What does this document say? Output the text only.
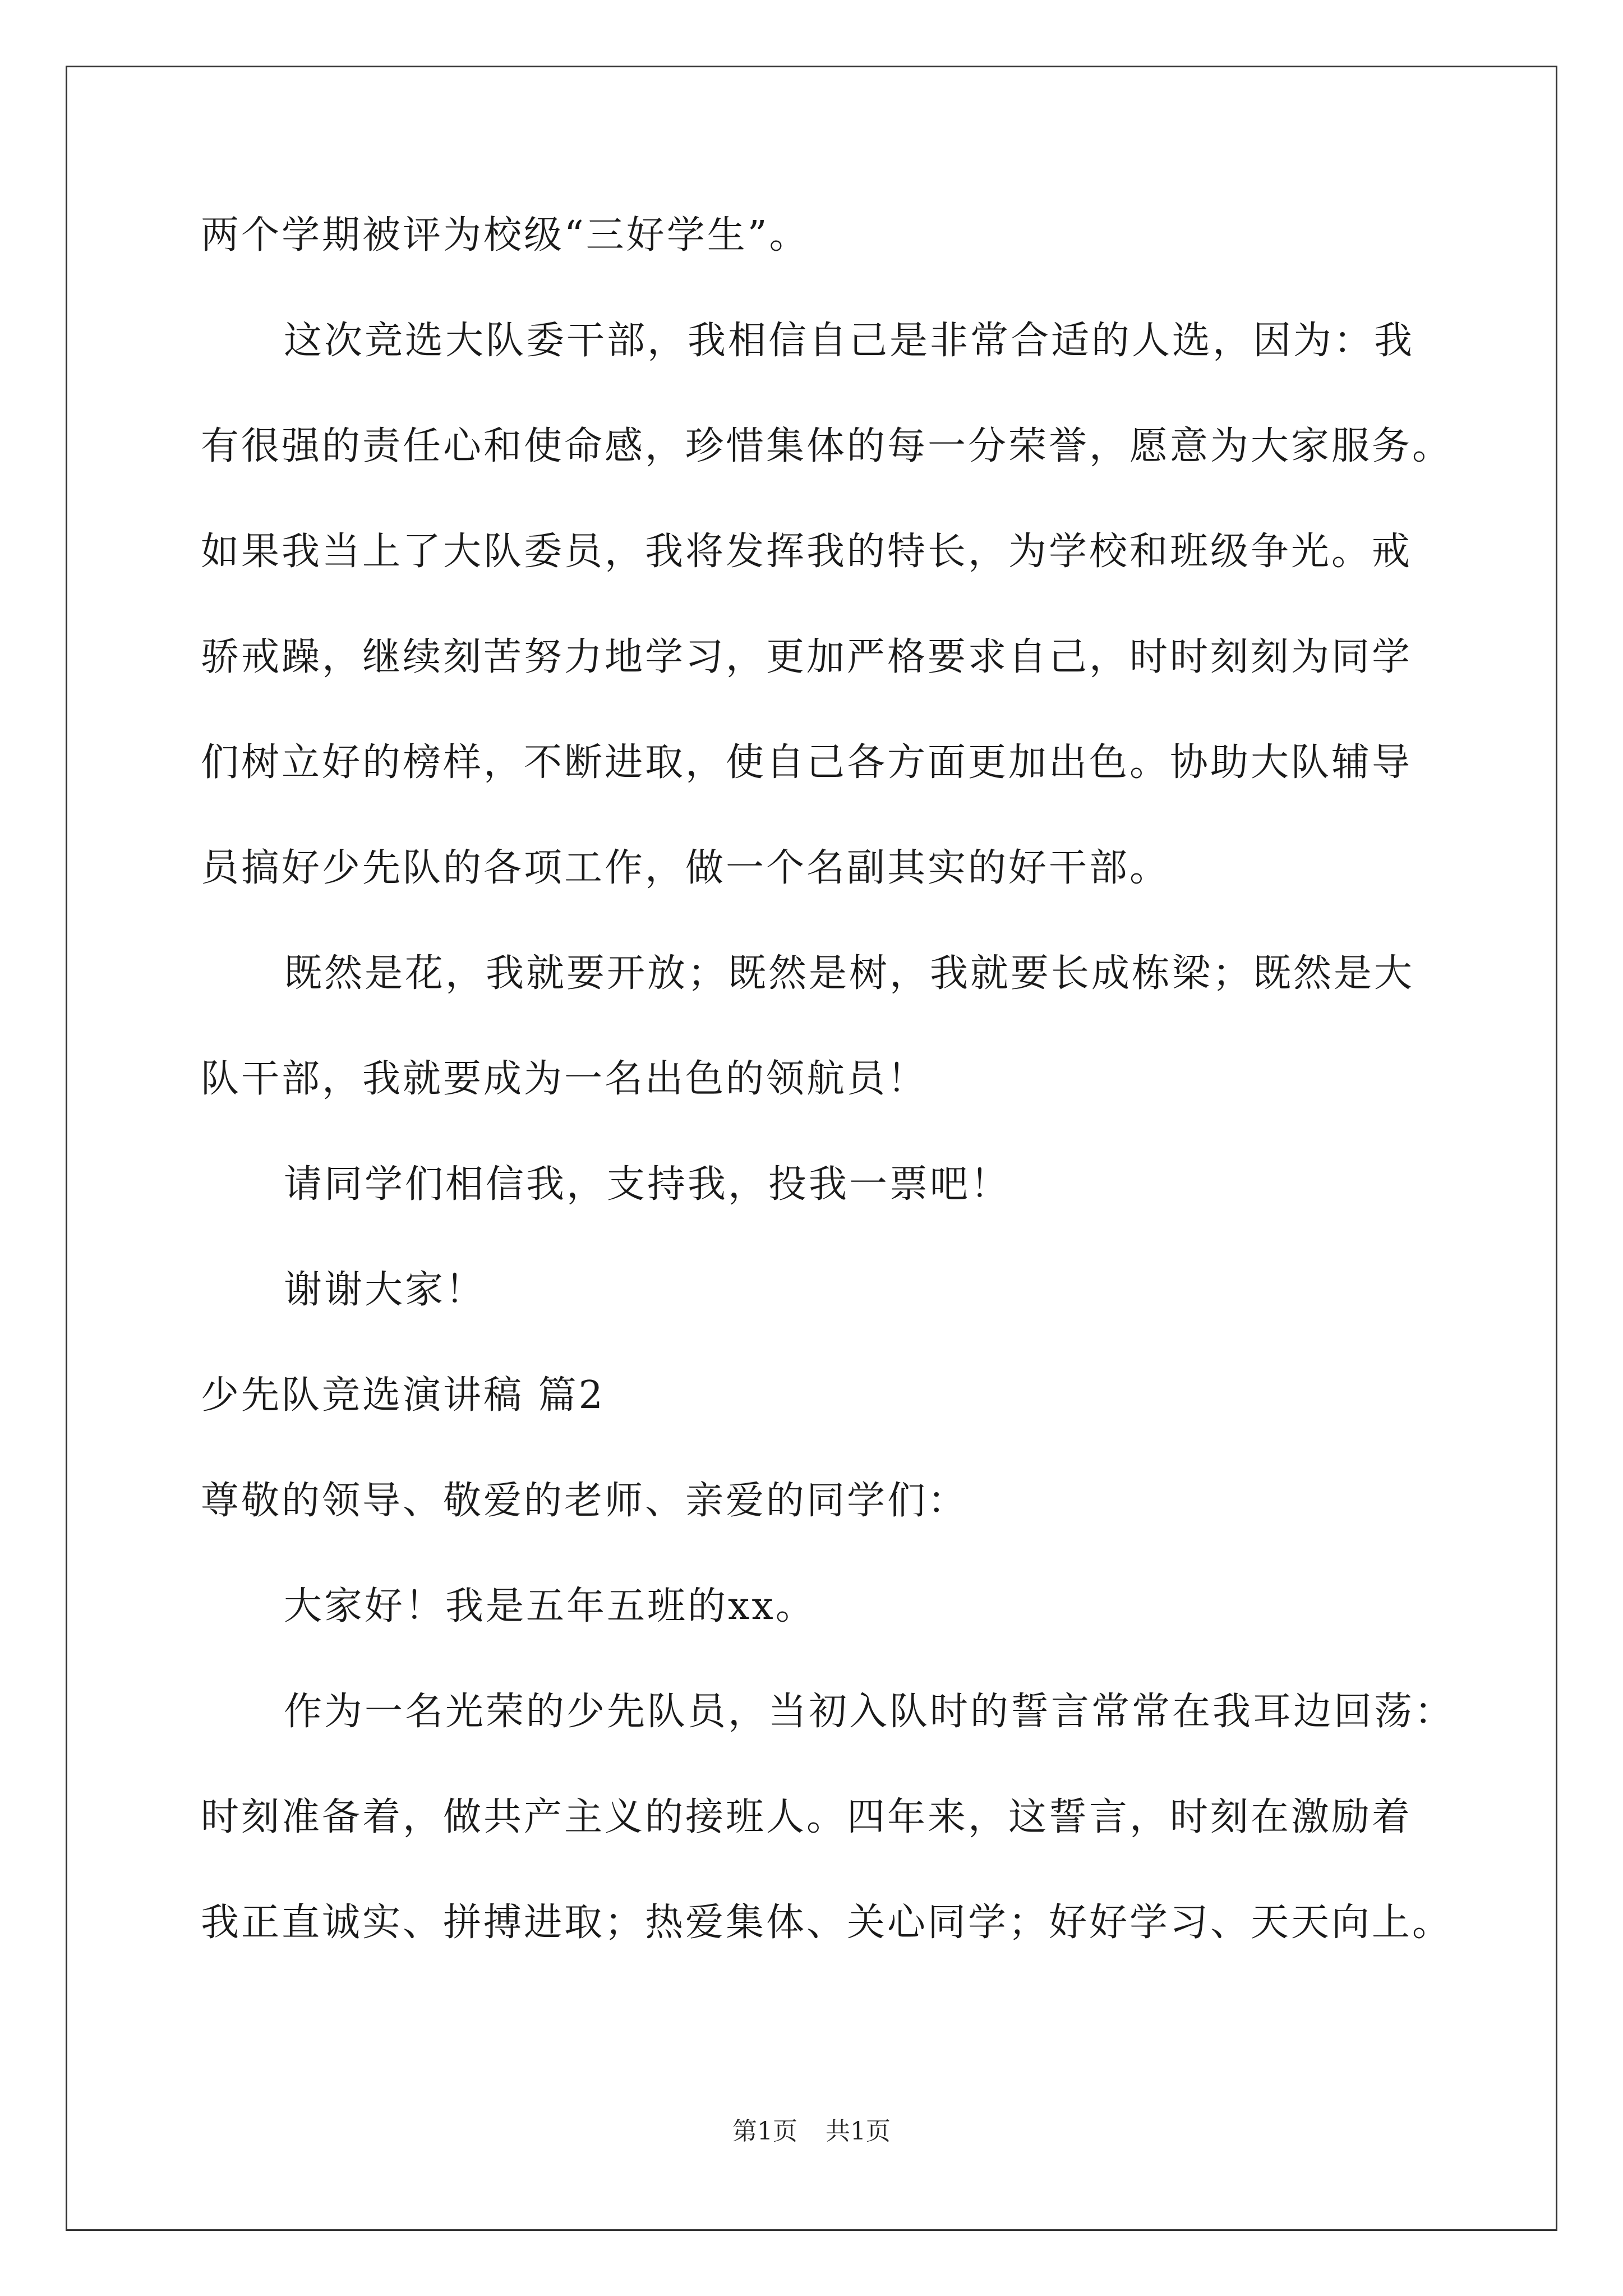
两个学期被评为校级“三好学生”。
这次竞选大队委干部，我相信自己是非常合适的人选，因为：我
有很强的责任心和使命感，珍惜集体的每一分荣誉，愿意为大家服务。
如果我当上了大队委员，我将发挥我的特长，为学校和班级争光。戒
骄戒躁，继续刻苦努力地学习，更加严格要求自己，时时刻刻为同学
们树立好的榜样，不断进取，使自己各方面更加出色。协助大队辅导
员搞好少先队的各项工作，做一个名副其实的好干部。
既然是花，我就要开放；既然是树，我就要长成栋梁；既然是大
队干部，我就要成为一名出色的领航员！
请同学们相信我，支持我，投我一票吧！
谢谢大家！
少先队竞选演讲稿 篇2
尊敬的领导、敬爱的老师、亲爱的同学们：
大家好！我是五年五班的xx。
作为一名光荣的少先队员，当初入队时的誓言常常在我耳边回荡：
时刻准备着，做共产主义的接班人。四年来，这誓言，时刻在激励着
我正直诚实、拼搏进取；热爱集体、关心同学；好好学习、天天向上。
第1页 共1页
